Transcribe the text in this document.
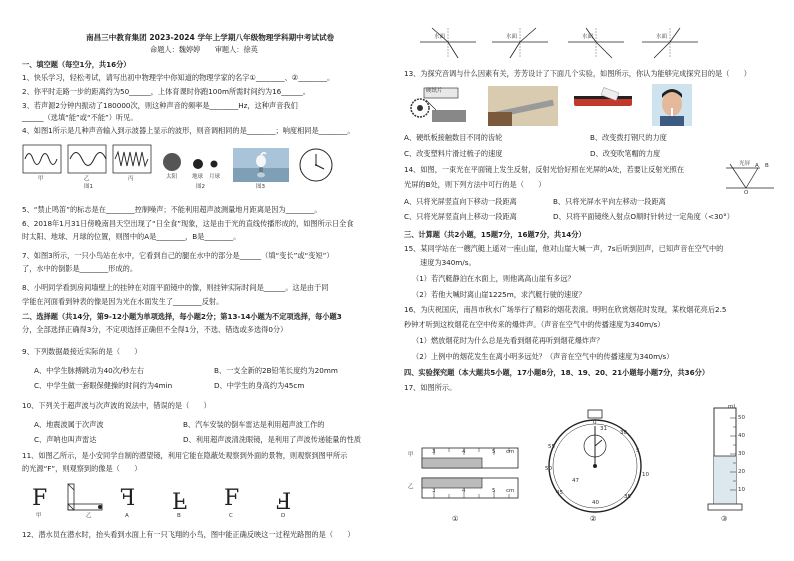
南昌三中教育集团 2023-2024 学年上学期八年级物理学科期中考试试卷
命题人：魏婷婷　　审题人：徐英
一、填空题（每空1分，共16分）
1、快乐学习，轻松考试，请写出初中物理学中你知道的物理学家的名字①________、②________。
2、你平时走路一步的距离约为50______，上体育课时你跑100m所需时间约为16______。
3、若声源2分钟内振动了180000次，则这种声音的频率是________Hz，这种声音我们
______（选填“能”或“不能”）听见。
4、如图1所示是几种声音输入到示波器上显示的波形，则音调相同的是________；响度相同是________。
甲	乙	丙
图1
太阳	地球 月球
图2	图3
5、“禁止鸣笛”的标志是在________控制噪声；不能利用超声波测量地月距离是因为________。
6、2018年1月31日傍晚南昌天空出现了“日全食”现象，这是由于光的直线传播形成的，如图所示日全食
时太阳、地球、月球的位置，则图中的A是________，B是________。
7、如图3所示，一只小鸟站在水中，它看到自己的腿在水中的部分是______（填“变长”或“变短”）
了，水中的倒影是________形成的。
8、小明同学看到房间墙壁上的挂钟在对面平面镜中的像，则挂钟实际时间是______。这是由于同
学能在河面看到钟表的像是因为光在水面发生了________反射。
二、选择题（共14分，第9-12小题为单项选择，每小题2分；第13-14小题为不定项选择，每小题3
分，全部选择正确得3分，不定项选择正确但不全得1分，不选、错选或多选得0分）
9、下列数据最接近实际的是（　　）
A、中学生脉搏跳动为40次/秒左右	B、一支全新的2B铅笔长度约为20mm
C、中学生做一套眼保健操的时间约为4min	D、中学生的身高约为45cm
10、下列关于超声波与次声波的说法中，错误的是（　　）
A、地震波属于次声波	B、汽车安装的倒车雷达是利用超声波工作的
C、声呐也叫声雷达	D、利用超声波清洗眼镜，是利用了声波传递能量的性质
11、如图乙所示，是小安同学自制的潜望镜，利用它能在隐蔽处观察到外面的景物，则观察到图甲所示
的光源“F”，则观察到的像是（　　）
F
甲	乙
F
A
F
B
F
C
F
D
12、潜水员在潜水时，抬头看到水面上有一只飞翔的小鸟，图中能正确反映这一过程光路图的是（　　）
水面	水面	水面	水面
13、为探究音调与什么因素有关，芳芳设计了下面几个实验，如图所示，你认为能够完成探究目的是（　　）
硬纸片
A、硬纸板接触数目不同的齿轮	B、改变拨打钢尺的力度
C、改变塑料片滑过梳子的速度	D、改变吹笔帽的力度
14、如图，一束光在平面镜上发生反射，反射光恰好照在光屏的A处，若要让反射光照在
光屏的B处，则下列方法中可行的是（　　）
光屏 A B
O
A、只将光屏竖直向下移动一段距离	B、只将光屏水平向左移动一段距离
C、只将光屏竖直向上移动一段距离	D、只将平面镜绕入射点O顺时针转过一定角度（<30°）
三、计算题（共2小题，15题7分，16题7分，共14分）
15、某同学站在一艘汽艇上遥对一座山崖，他对山崖大喊一声，7s后听到回声，已知声音在空气中的
速度为340m/s。
（1）若汽艇静泊在水面上，则他离高山崖有多远？
（2）若他大喊时离山崖1225m，求汽艇行驶的速度？
16、为庆祝国庆，南昌市秋水广场举行了精彩的烟花表演。明明在欣赏烟花时发现，某枚烟花亮后2.5
秒钟才听到这枚烟花在空中传来的爆炸声。（声音在空气中的传播速度为340m/s）
（1）燃放烟花时为什么总是先看到烟花再听到烟花爆炸声？
（2）上例中的烟花发生在离小明多远处？（声音在空气中的传播速度为340m/s）
四、实验探究题（本大题共5小题，17小题8分，18、19、20、21小题每小题7分，共36分）
17、如图所示。
甲
乙
3	4	5 cm
3	4	5 cm
①
0
5
10
30
31
55
45
50
40
35
47
②
mL
50
40
30
20
10
③
